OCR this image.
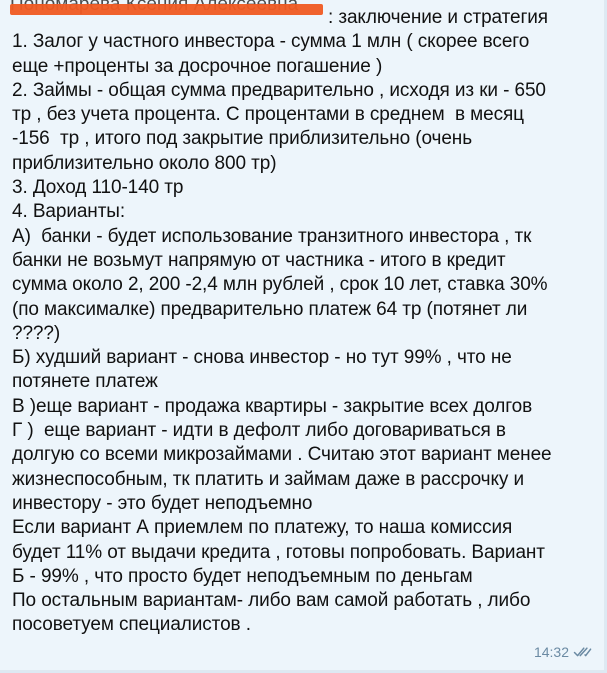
: заключение и стратегия
1. Залог у частного инвестора - сумма 1 млн ( скорее всего
еще +проценты за досрочное погашение )
2. Займы - общая сумма предварительно , исходя из ки - 650
тр , без учета процента. С процентами в среднем  в месяц
-156  тр , итого под закрытие приблизительно (очень
приблизительно около 800 тр)
3. Доход 110-140 тр
4. Варианты:
А)  банки - будет использование транзитного инвестора , тк
банки не возьмут напрямую от частника - итого в кредит
сумма около 2, 200 -2,4 млн рублей , срок 10 лет, ставка 30%
(по максималке) предварительно платеж 64 тр (потянет ли
????)
Б) худший вариант - снова инвестор - но тут 99% , что не
потянете платеж
В )еще вариант - продажа квартиры - закрытие всех долгов
Г )  еще вариант - идти в дефолт либо договариваться в
долгую со всеми микрозаймами . Считаю этот вариант менее
жизнеспособным, тк платить и займам даже в рассрочку и
инвестору - это будет неподъемно
Если вариант А приемлем по платежу, то наша комиссия
будет 11% от выдачи кредита , готовы попробовать. Вариант
Б - 99% , что просто будет неподъемным по деньгам
По остальным вариантам- либо вам самой работать , либо
посоветуем специалистов .
14:32
